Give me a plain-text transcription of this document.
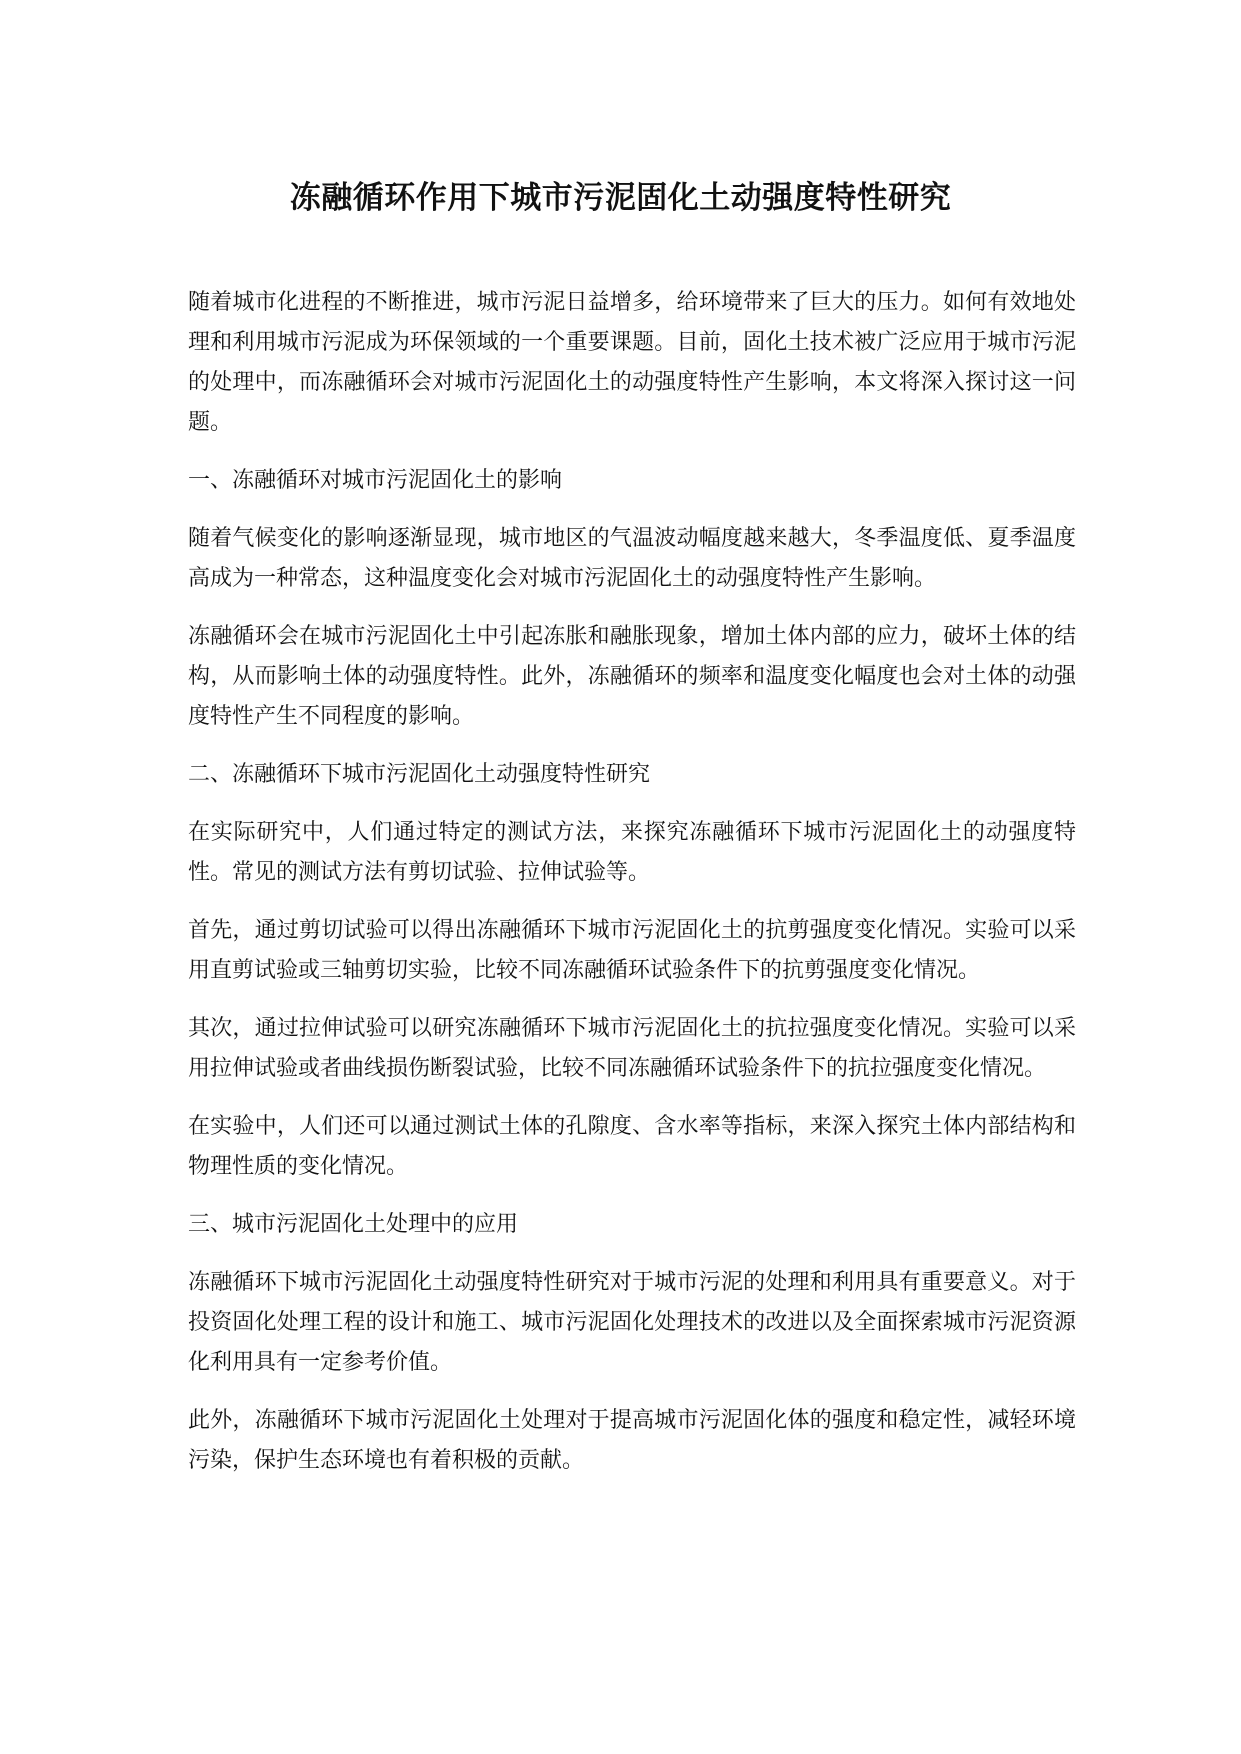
冻融循环作用下城市污泥固化土动强度特性研究

随着城市化进程的不断推进，城市污泥日益增多，给环境带来了巨大的压力。如何有效地处理和利用城市污泥成为环保领域的一个重要课题。目前，固化土技术被广泛应用于城市污泥的处理中，而冻融循环会对城市污泥固化土的动强度特性产生影响，本文将深入探讨这一问题。

一、冻融循环对城市污泥固化土的影响

随着气候变化的影响逐渐显现，城市地区的气温波动幅度越来越大，冬季温度低、夏季温度高成为一种常态，这种温度变化会对城市污泥固化土的动强度特性产生影响。

冻融循环会在城市污泥固化土中引起冻胀和融胀现象，增加土体内部的应力，破坏土体的结构，从而影响土体的动强度特性。此外，冻融循环的频率和温度变化幅度也会对土体的动强度特性产生不同程度的影响。

二、冻融循环下城市污泥固化土动强度特性研究

在实际研究中，人们通过特定的测试方法，来探究冻融循环下城市污泥固化土的动强度特性。常见的测试方法有剪切试验、拉伸试验等。

首先，通过剪切试验可以得出冻融循环下城市污泥固化土的抗剪强度变化情况。实验可以采用直剪试验或三轴剪切实验，比较不同冻融循环试验条件下的抗剪强度变化情况。

其次，通过拉伸试验可以研究冻融循环下城市污泥固化土的抗拉强度变化情况。实验可以采用拉伸试验或者曲线损伤断裂试验，比较不同冻融循环试验条件下的抗拉强度变化情况。

在实验中，人们还可以通过测试土体的孔隙度、含水率等指标，来深入探究土体内部结构和物理性质的变化情况。

三、城市污泥固化土处理中的应用

冻融循环下城市污泥固化土动强度特性研究对于城市污泥的处理和利用具有重要意义。对于投资固化处理工程的设计和施工、城市污泥固化处理技术的改进以及全面探索城市污泥资源化利用具有一定参考价值。

此外，冻融循环下城市污泥固化土处理对于提高城市污泥固化体的强度和稳定性，减轻环境污染，保护生态环境也有着积极的贡献。
